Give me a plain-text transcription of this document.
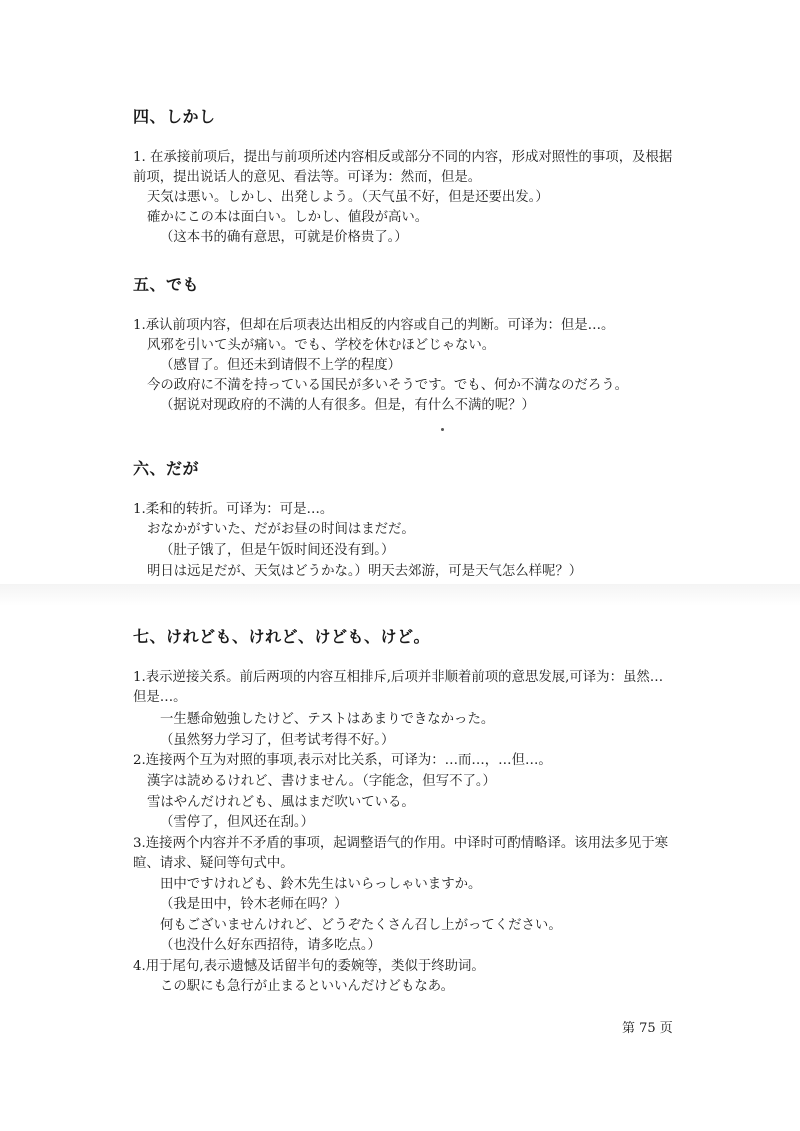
四、しかし

1. 在承接前项后，提出与前项所述内容相反或部分不同的内容，形成对照性的事项，及根据

前项，提出说话人的意见、看法等。可译为：然而，但是。

天気は悪い。しかし、出発しよう。（天气虽不好，但是还要出发。）

確かにこの本は面白い。しかし、値段が高い。

（这本书的确有意思，可就是价格贵了。）

五、でも

1.承认前项内容，但却在后项表达出相反的内容或自己的判断。可译为：但是…。

风邪を引いて头が痛い。でも、学校を休むほどじゃない。

（感冒了。但还未到请假不上学的程度）

今の政府に不満を持っている国民が多いそうです。でも、何か不満なのだろう。

（据说对现政府的不满的人有很多。但是，有什么不满的呢？）

六、だが

1.柔和的转折。可译为：可是…。

おなかがすいた、だがお昼の时间はまだだ。

（肚子饿了，但是午饭时间还没有到。）

明日は远足だが、天気はどうかな。）明天去郊游，可是天气怎么样呢？）

七、けれども、けれど、けども、けど。

1.表示逆接关系。前后两项的内容互相排斥,后项并非顺着前项的意思发展,可译为：虽然…

但是…。

一生懸命勉強したけど、テストはあまりできなかった。

（虽然努力学习了，但考试考得不好。）

2.连接两个互为对照的事项,表示对比关系，可译为：…而…，…但…。

漢字は読めるけれど、書けません。（字能念，但写不了。）

雪はやんだけれども、風はまだ吹いている。

（雪停了，但风还在刮。）

3.连接两个内容并不矛盾的事项，起调整语气的作用。中译时可酌情略译。该用法多见于寒

暄、请求、疑问等句式中。

田中ですけれども、鈴木先生はいらっしゃいますか。

（我是田中，铃木老师在吗？）

何もございませんけれど、どうぞたくさん召し上がってください。

（也没什么好东西招待，请多吃点。）

4.用于尾句,表示遗憾及话留半句的委婉等，类似于终助词。

この駅にも急行が止まるといいんだけどもなあ。

第 75 页
